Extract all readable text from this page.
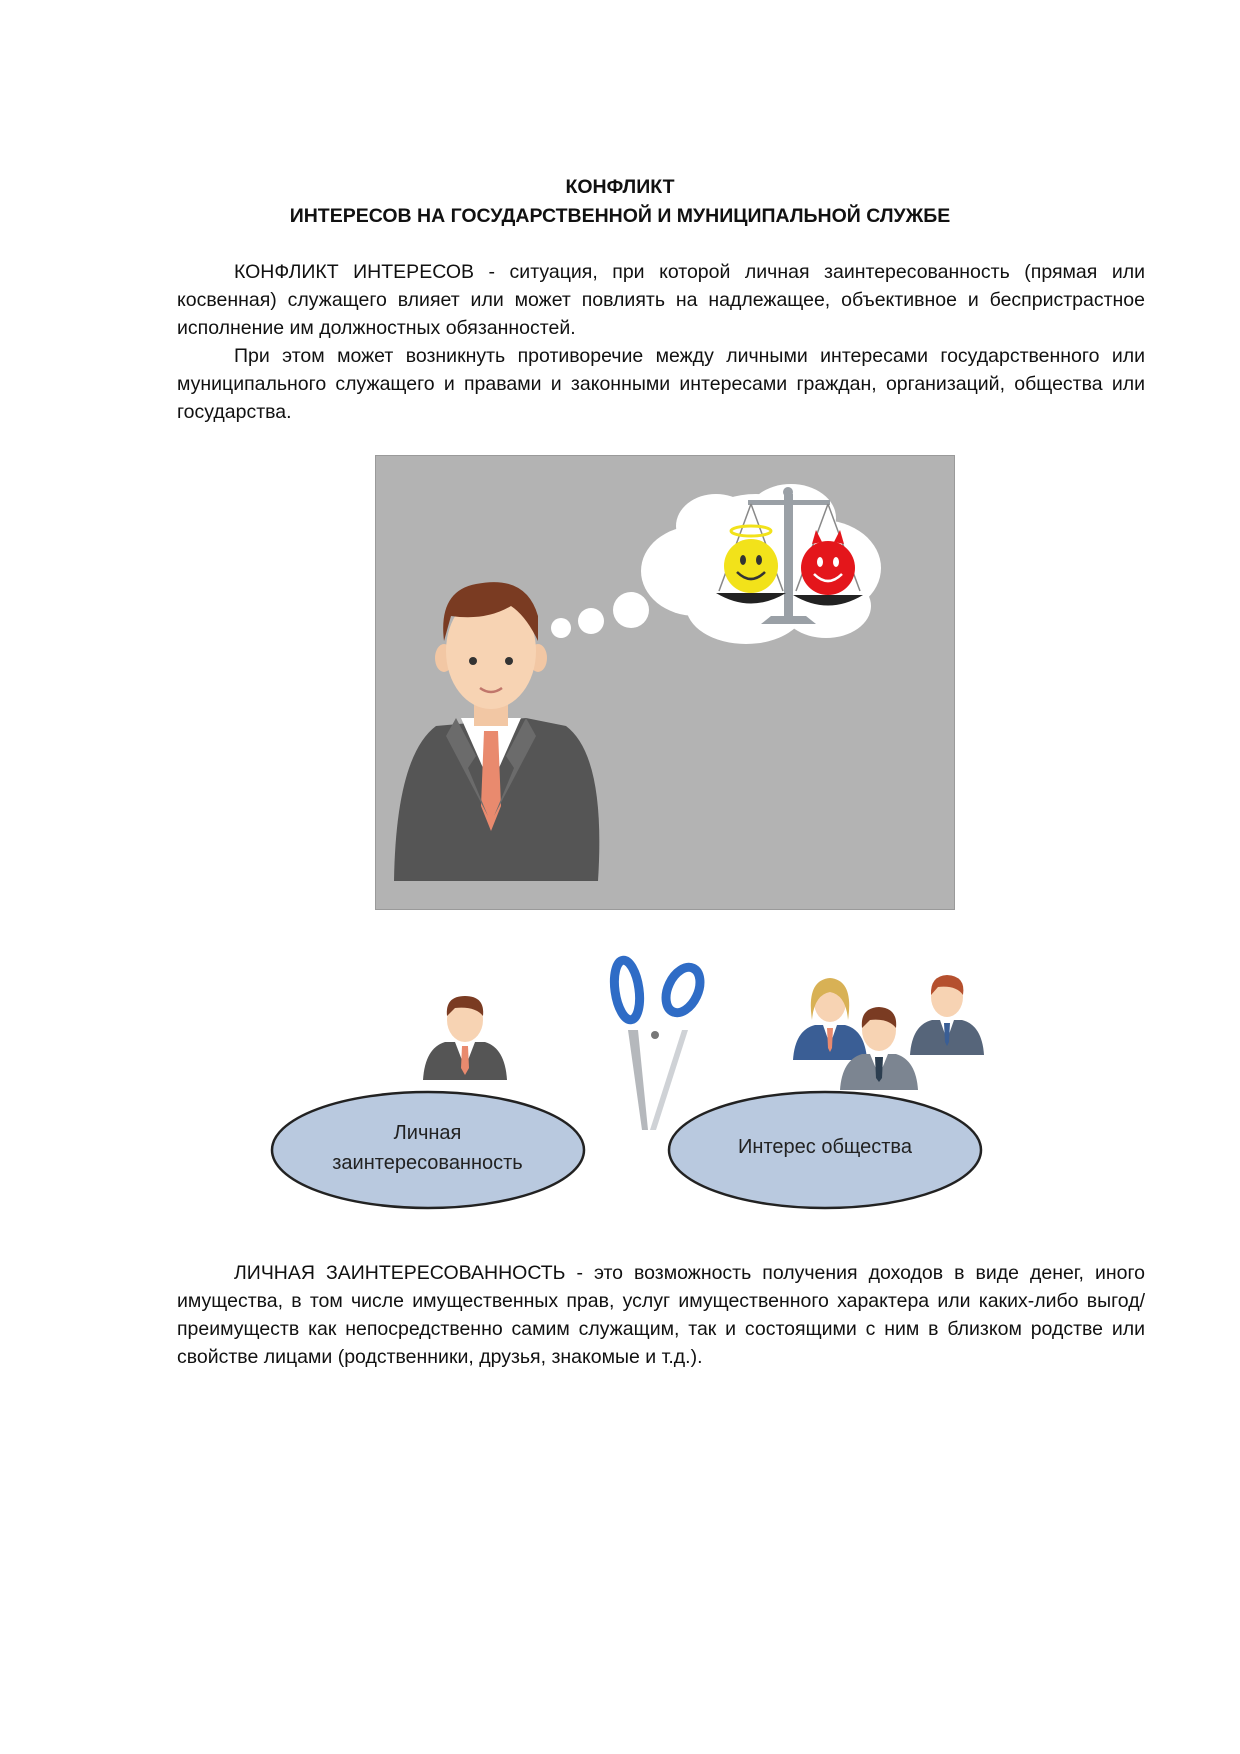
КОНФЛИКТ
ИНТЕРЕСОВ НА ГОСУДАРСТВЕННОЙ И МУНИЦИПАЛЬНОЙ СЛУЖБЕ

КОНФЛИКТ ИНТЕРЕСОВ - ситуация, при которой личная заинтересованность (прямая или косвенная) служащего влияет или может повлиять на надлежащее, объективное и беспристрастное исполнение им должностных обязанностей.

При этом может возникнуть противоречие между личными интересами государственного или муниципального служащего и правами и законными интересами граждан, организаций, общества или государства.

Личная
заинтересованность

Интерес общества

ЛИЧНАЯ ЗАИНТЕРЕСОВАННОСТЬ - это возможность получения доходов в виде денег, иного имущества, в том числе имущественных прав, услуг имущественного характера или каких-либо выгод/преимуществ как непосредственно самим служащим, так и состоящими с ним в близком родстве или свойстве лицами (родственники, друзья, знакомые и т.д.).
